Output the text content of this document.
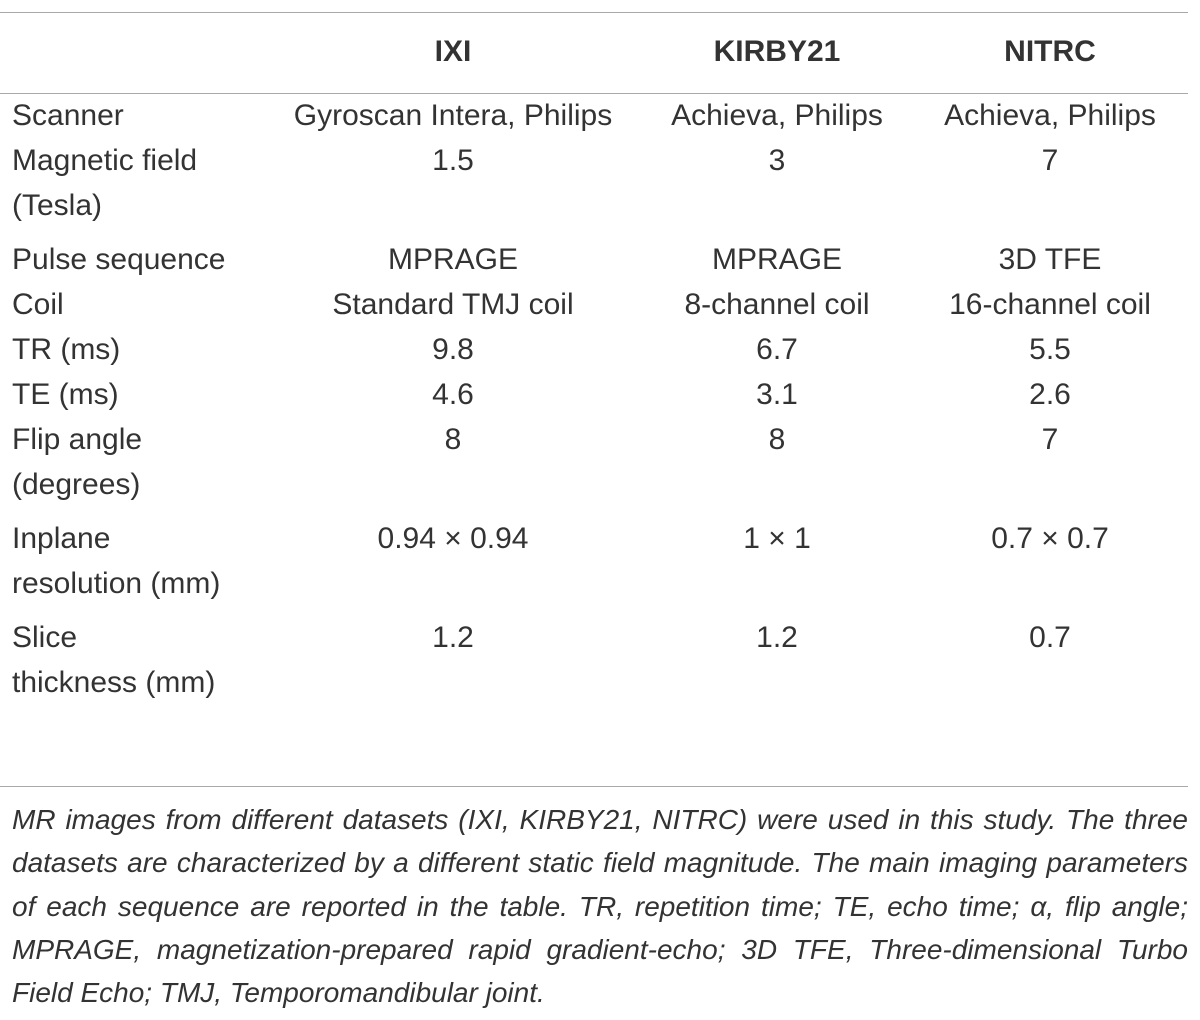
	IXI	KIRBY21	NITRC

Scanner	Gyroscan Intera, Philips	Achieva, Philips	Achieva, Philips

Magnetic field
(Tesla)	1.5	3	7

Pulse sequence	MPRAGE	MPRAGE	3D TFE

Coil	Standard TMJ coil	8-channel coil	16-channel coil

TR (ms)	9.8	6.7	5.5

TE (ms)	4.6	3.1	2.6

Flip angle
(degrees)	8	8	7

Inplane
resolution (mm)	0.94 × 0.94	1 × 1	0.7 × 0.7

Slice
thickness (mm)	1.2	1.2	0.7
MR images from different datasets (IXI, KIRBY21, NITRC) were used in this study. The three datasets are characterized by a different static field magnitude. The main imaging parameters of each sequence are reported in the table. TR, repetition time; TE, echo time; α, flip angle; MPRAGE, magnetization-prepared rapid gradient-echo; 3D TFE, Three-dimensional Turbo Field Echo; TMJ, Temporomandibular joint.
